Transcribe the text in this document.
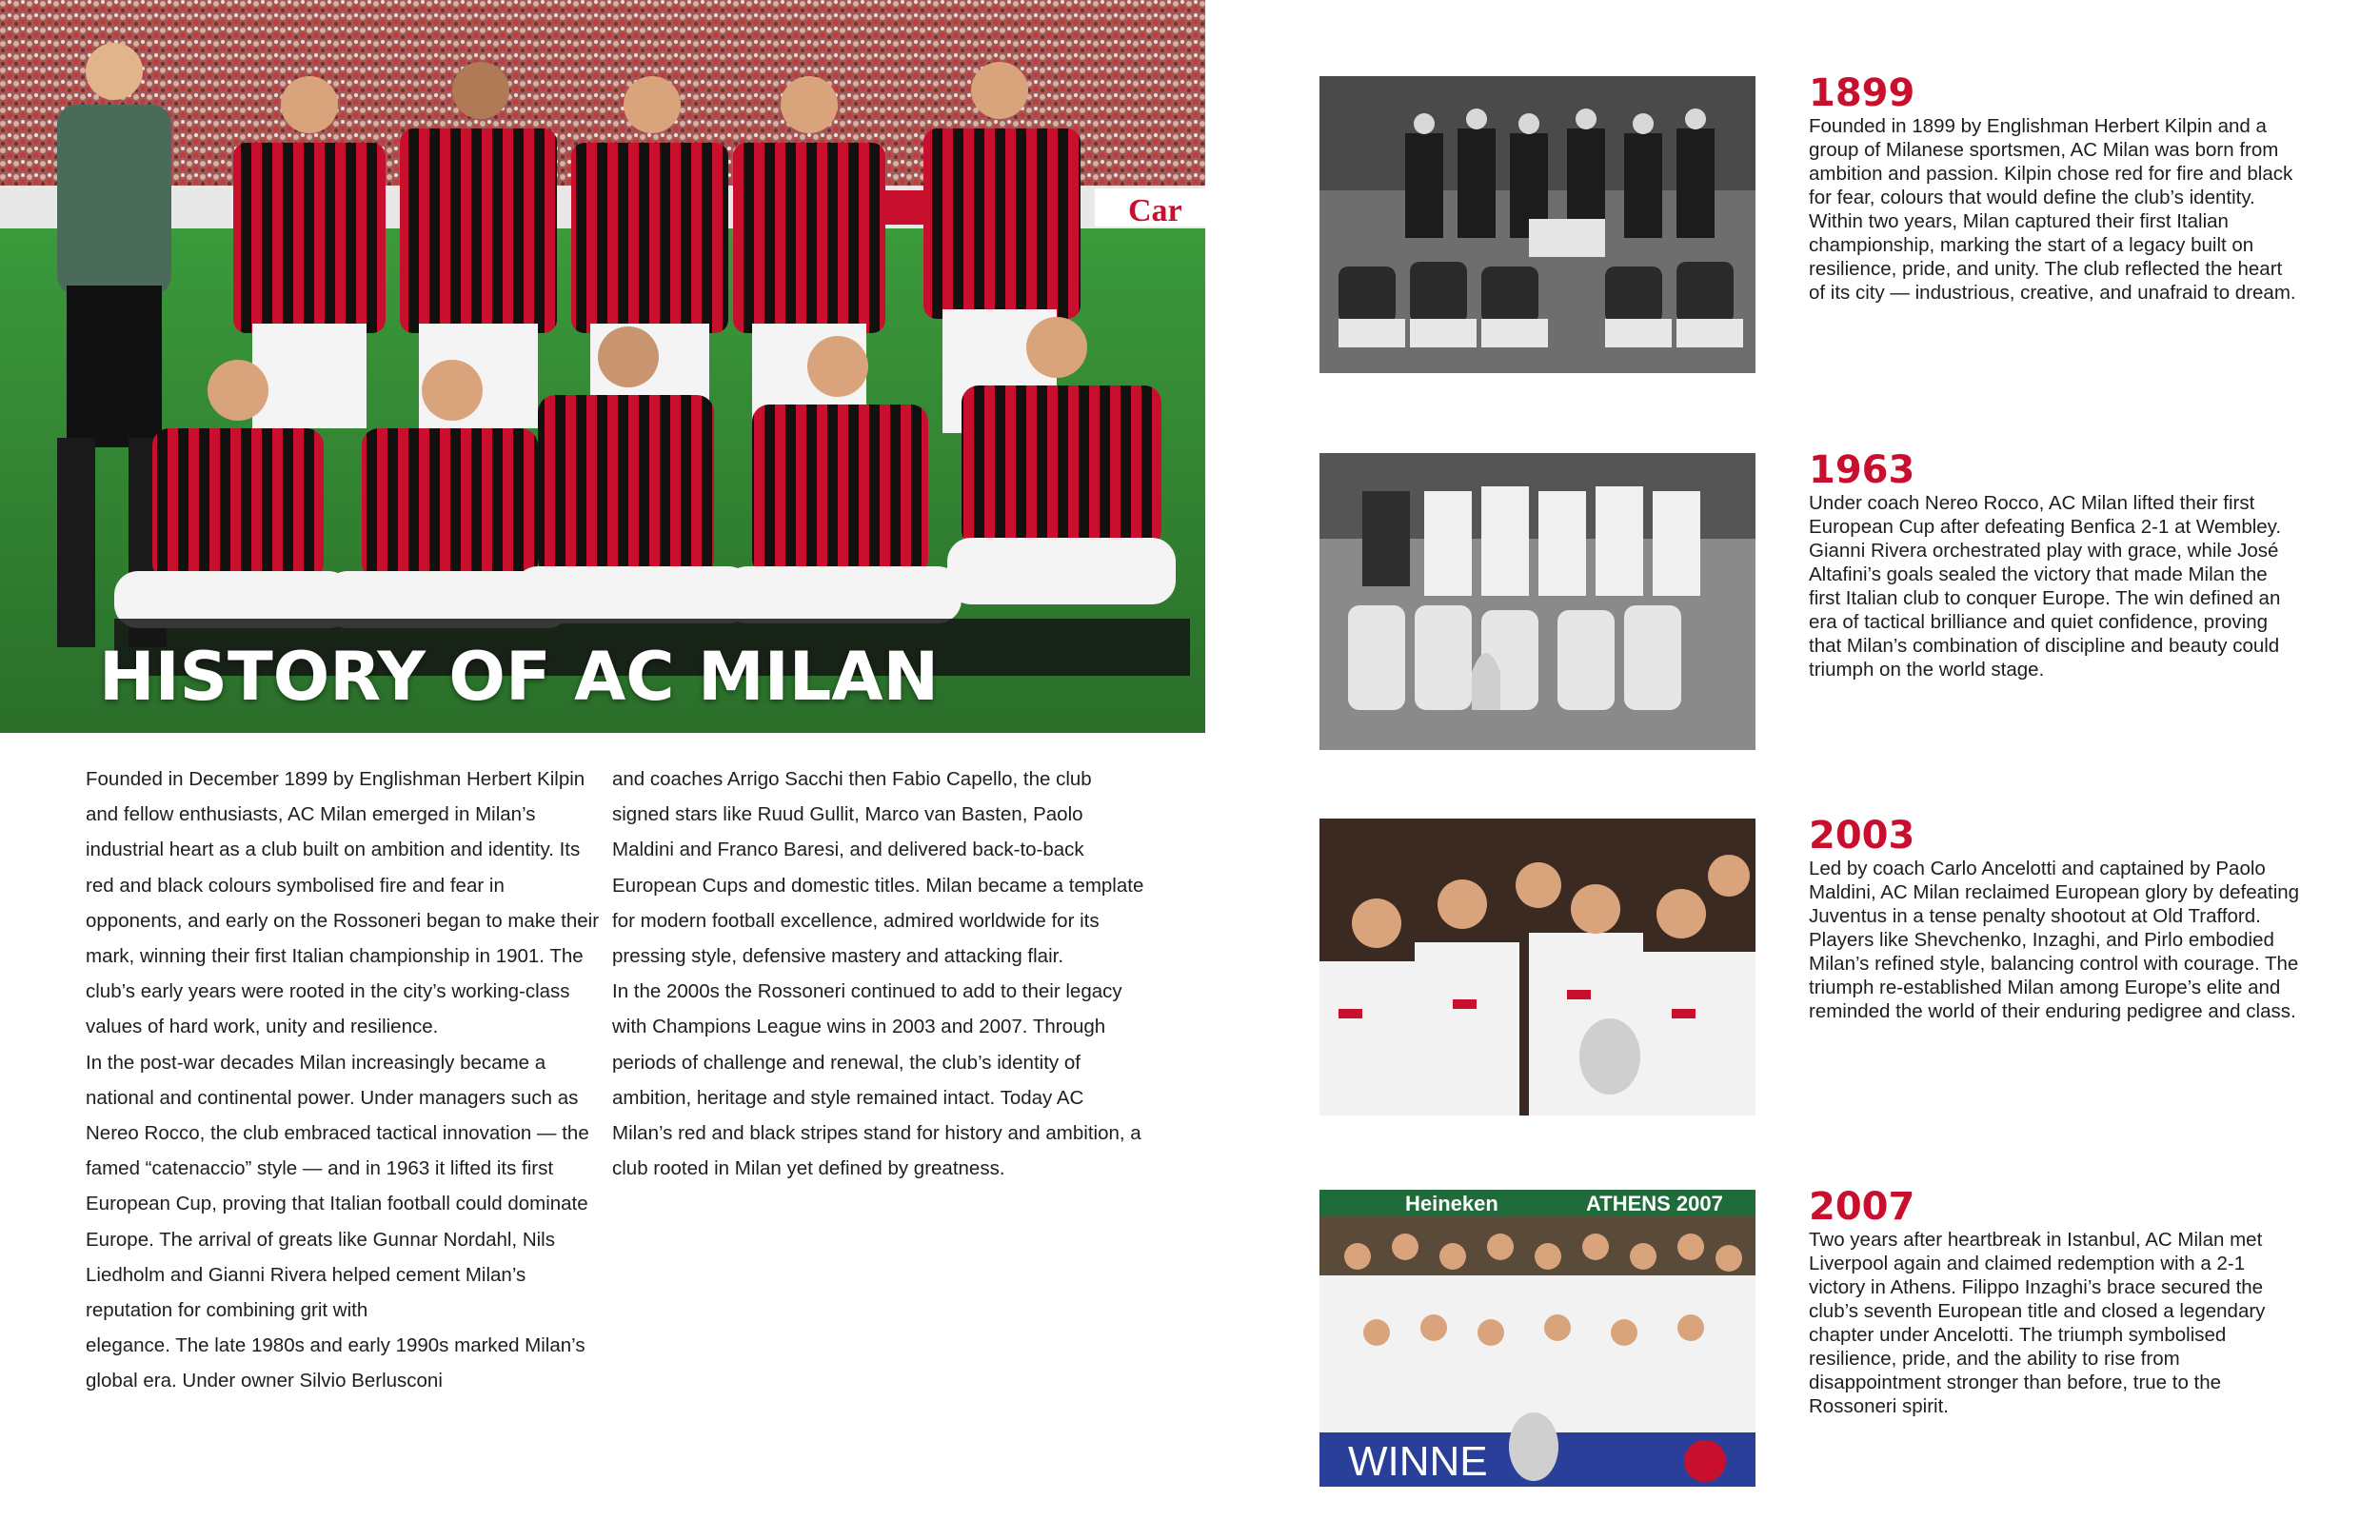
Car
HISTORY OF AC MILAN

Founded in December 1899 by Englishman Herbert Kilpin and fellow enthusiasts, AC Milan emerged in Milan’s industrial heart as a club built on ambition and identity. Its red and black colours symbolised fire and fear in opponents, and early on the Rossoneri began to make their mark, winning their first Italian championship in 1901. The club’s early years were rooted in the city’s working-class values of hard work, unity and resilience.

In the post-war decades Milan increasingly became a national and continental power. Under managers such as Nereo Rocco, the club embraced tactical innovation — the famed “catenaccio” style — and in 1963 it lifted its first European Cup, proving that Italian football could dominate Europe. The arrival of greats like Gunnar Nordahl, Nils Liedholm and Gianni Rivera helped cement Milan’s reputation for combining grit with

elegance. The late 1980s and early 1990s marked Milan’s global era. Under owner Silvio Berlusconi

and coaches Arrigo Sacchi then Fabio Capello, the club signed stars like Ruud Gullit, Marco van Basten, Paolo Maldini and Franco Baresi, and delivered back-to-back European Cups and domestic titles. Milan became a template for modern football excellence, admired worldwide for its pressing style, defensive mastery and attacking flair.

In the 2000s the Rossoneri continued to add to their legacy with Champions League wins in 2003 and 2007. Through periods of challenge and renewal, the club’s identity of ambition, heritage and style remained intact. Today AC Milan’s red and black stripes stand for history and ambition, a club rooted in Milan yet defined by greatness.

1899

Founded in 1899 by Englishman Herbert Kilpin and a group of Milanese sportsmen, AC Milan was born from ambition and passion. Kilpin chose red for fire and black for fear, colours that would define the club’s identity. Within two years, Milan captured their first Italian championship, marking the start of a legacy built on resilience, pride, and unity. The club reflected the heart of its city — industrious, creative, and unafraid to dream.

1963

Under coach Nereo Rocco, AC Milan lifted their first European Cup after defeating Benfica 2-1 at Wembley. Gianni Rivera orchestrated play with grace, while José Altafini’s goals sealed the victory that made Milan the first Italian club to conquer Europe. The win defined an era of tactical brilliance and quiet confidence, proving that Milan’s combination of discipline and beauty could triumph on the world stage.

2003

Led by coach Carlo Ancelotti and captained by Paolo Maldini, AC Milan reclaimed European glory by defeating Juventus in a tense penalty shootout at Old Trafford. Players like Shevchenko, Inzaghi, and Pirlo embodied Milan’s refined style, balancing control with courage. The triumph re-established Milan among Europe’s elite and reminded the world of their enduring pedigree and class.

Heineken	ATHENS 2007
WINNE

2007

Two years after heartbreak in Istanbul, AC Milan met Liverpool again and claimed redemption with a 2-1 victory in Athens. Filippo Inzaghi’s brace secured the club’s seventh European title and closed a legendary chapter under Ancelotti. The triumph symbolised resilience, pride, and the ability to rise from disappointment stronger than before, true to the Rossoneri spirit.
